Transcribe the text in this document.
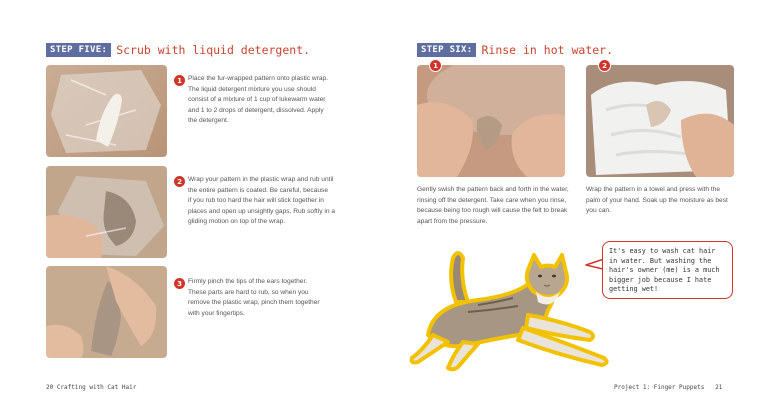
STEP FIVE: Scrub with liquid detergent.
1 Place the fur-wrapped pattern onto plastic wrap.
The liquid detergent mixture you use should
consist of a mixture of 1 cup of lukewarm water
and 1 to 2 drops of detergent, dissolved. Apply
the detergent.
2 Wrap your pattern in the plastic wrap and rub until
the entire pattern is coated. Be careful, because
if you rub too hard the hair will stick together in
places and open up unsightly gaps. Rub softly in a
gliding motion on top of the wrap.
3 Firmly pinch the tips of the ears together.
These parts are hard to rub, so when you
remove the plastic wrap, pinch them together
with your fingertips.
20 Crafting with Cat Hair
STEP SIX: Rinse in hot water.
1	2
Gently swish the pattern back and forth in the water,
rinsing off the detergent. Take care when you rinse,
because being too rough will cause the felt to break
apart from the pressure.
Wrap the pattern in a towel and press with the
palm of your hand. Soak up the moisture as best
you can.
It's easy to wash cat hair
in water. But washing the
hair's owner (me) is a much
bigger job because I hate
getting wet!
Project 1: Finger Puppets   21
